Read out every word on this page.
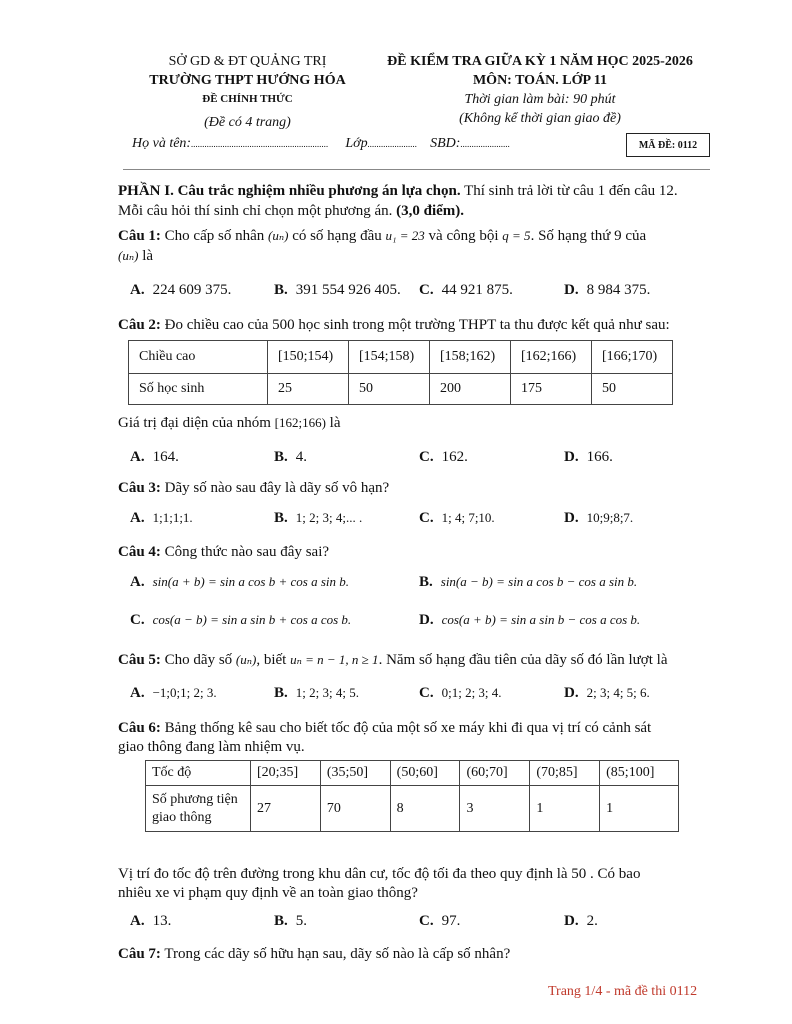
SỞ GD & ĐT QUẢNG TRỊ
TRƯỜNG THPT HƯỚNG HÓA
ĐỀ CHÍNH THỨC
(Đề có 4 trang)
ĐỀ KIỂM TRA GIỮA KỲ 1 NĂM HỌC 2025-2026
MÔN: TOÁN. LỚP 11
Thời gian làm bài: 90 phút
(Không kể thời gian giao đề)
Họ và tên:............................................................. Lớp...................... SBD:......................	MÃ ĐỀ: 0112

PHẦN I. Câu trắc nghiệm nhiều phương án lựa chọn. Thí sinh trả lời từ câu 1 đến câu 12.

Mỗi câu hỏi thí sinh chỉ chọn một phương án. (3,0 điểm).

Câu 1: Cho cấp số nhân (uₙ) có số hạng đầu u₁ = 23 và công bội q = 5. Số hạng thứ 9 của

(uₙ) là

A. 224 609 375.	B. 391 554 926 405. C. 44 921 875.	D. 8 984 375.

Câu 2: Đo chiều cao của 500 học sinh trong một trường THPT ta thu được kết quả như sau:

Chiều cao	[150;154)	[154;158)	[158;162)	[162;166)	[166;170)
Số học sinh	25	50	200	175	50

Giá trị đại diện của nhóm [162;166) là

A. 164.	B. 4.	C. 162.	D. 166.

Câu 3: Dãy số nào sau đây là dãy số vô hạn?

A. 1;1;1;1.	B. 1; 2; 3; 4;... .	C. 1; 4; 7;10.	D. 10;9;8;7.

Câu 4: Công thức nào sau đây sai?

A. sin(a + b) = sin a cos b + cos a sin b.	B. sin(a − b) = sin a cos b − cos a sin b.
C. cos(a − b) = sin a sin b + cos a cos b.	D. cos(a + b) = sin a sin b − cos a cos b.

Câu 5: Cho dãy số (uₙ), biết uₙ = n − 1, n ≥ 1. Năm số hạng đầu tiên của dãy số đó lần lượt là

A. −1;0;1; 2; 3.	B. 1; 2; 3; 4; 5.	C. 0;1; 2; 3; 4.	D. 2; 3; 4; 5; 6.

Câu 6: Bảng thống kê sau cho biết tốc độ của một số xe máy khi đi qua vị trí có cảnh sát

giao thông đang làm nhiệm vụ.

Tốc độ	[20;35]	(35;50]	(50;60]	(60;70]	(70;85]	(85;100]

Số phương tiện
giao thông	27	70	8	3	1	1

Vị trí đo tốc độ trên đường trong khu dân cư, tốc độ tối đa theo quy định là 50 . Có bao

nhiêu xe vi phạm quy định về an toàn giao thông?

A. 13.	B. 5.	C. 97.	D. 2.

Câu 7: Trong các dãy số hữu hạn sau, dãy số nào là cấp số nhân?

Trang 1/4 - mã đề thi 0112
